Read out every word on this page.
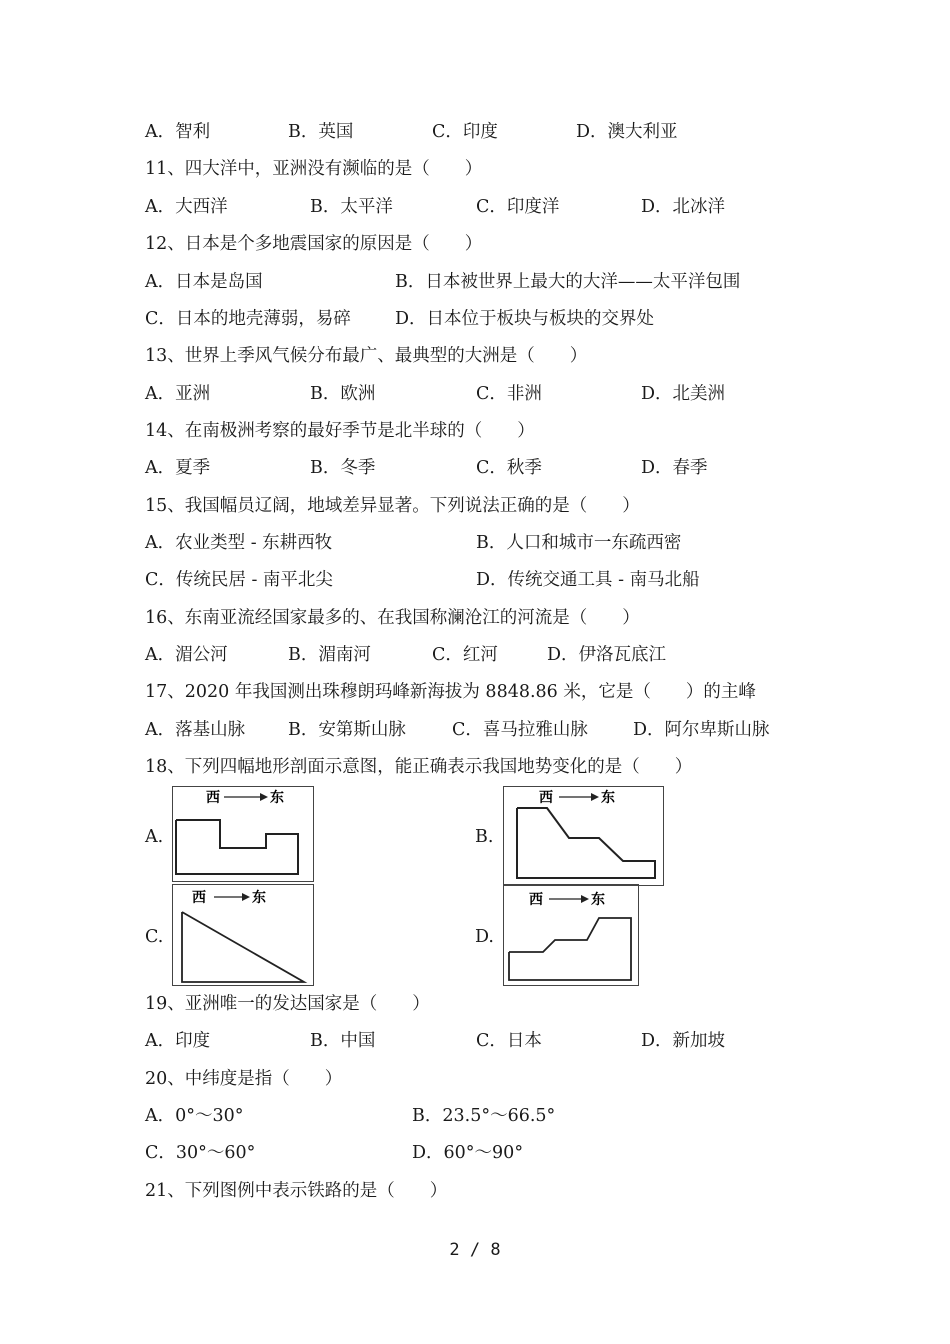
A．智利	B．英国	C．印度	D．澳大利亚
11、四大洋中，亚洲没有濒临的是（　　）
A．大西洋	B．太平洋	C．印度洋	D．北冰洋
12、日本是个多地震国家的原因是（　　）
A．日本是岛国	B．日本被世界上最大的大洋——太平洋包围
C．日本的地壳薄弱，易碎	D．日本位于板块与板块的交界处
13、世界上季风气候分布最广、最典型的大洲是（　　）
A．亚洲	B．欧洲	C．非洲	D．北美洲
14、在南极洲考察的最好季节是北半球的（　　）
A．夏季	B．冬季	C．秋季	D．春季
15、我国幅员辽阔，地域差异显著。下列说法正确的是（　　）
A．农业类型 - 东耕西牧	B．人口和城市一东疏西密
C．传统民居 - 南平北尖	D．传统交通工具 - 南马北船
16、东南亚流经国家最多的、在我国称澜沧江的河流是（　　）
A．湄公河	B．湄南河	C．红河	D．伊洛瓦底江
17、2020 年我国测出珠穆朗玛峰新海拔为 8848.86 米，它是（　　）的主峰
A．落基山脉 B．安第斯山脉	C．喜马拉雅山脉	D．阿尔卑斯山脉
18、下列四幅地形剖面示意图，能正确表示我国地势变化的是（　　）
A.
西	东
B.
西	东
C.
西	东
D.
西	东
19、亚洲唯一的发达国家是（　　）
A．印度	B．中国	C．日本	D．新加坡
20、中纬度是指（　　）
A．0°～30°	B．23.5°～66.5°
C．30°～60°	D．60°～90°
21、下列图例中表示铁路的是（　　）
2 / 8
